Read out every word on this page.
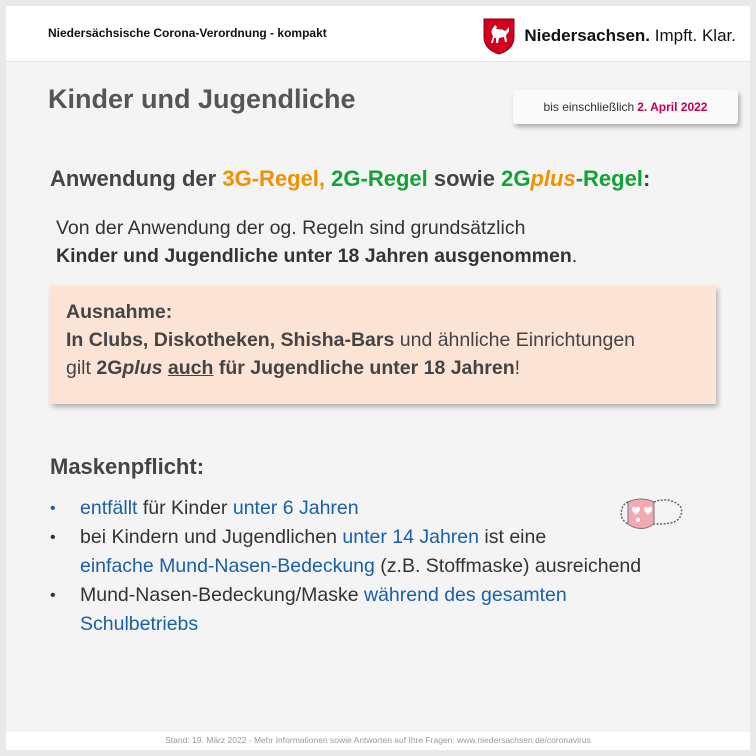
Niedersächsische Corona-Verordnung - kompakt	Niedersachsen. Impft. Klar.
Kinder und Jugendliche	bis einschließlich 2. April 2022
Anwendung der 3G-Regel, 2G-Regel sowie 2Gplus-Regel:
Von der Anwendung der og. Regeln sind grundsätzlich
Kinder und Jugendliche unter 18 Jahren ausgenommen.
Ausnahme:
In Clubs, Diskotheken, Shisha-Bars und ähnliche Einrichtungen
gilt 2Gplus auch für Jugendliche unter 18 Jahren!
Maskenpflicht:
•	entfällt für Kinder unter 6 Jahren
•	bei Kindern und Jugendlichen unter 14 Jahren ist eine
einfache Mund-Nasen-Bedeckung (z.B. Stoffmaske) ausreichend
•	Mund-Nasen-Bedeckung/Maske während des gesamten
Schulbetriebs
Stand: 19. März 2022 - Mehr Informationen sowie Antworten auf Ihre Fragen: www.niedersachsen.de/coronavirus
